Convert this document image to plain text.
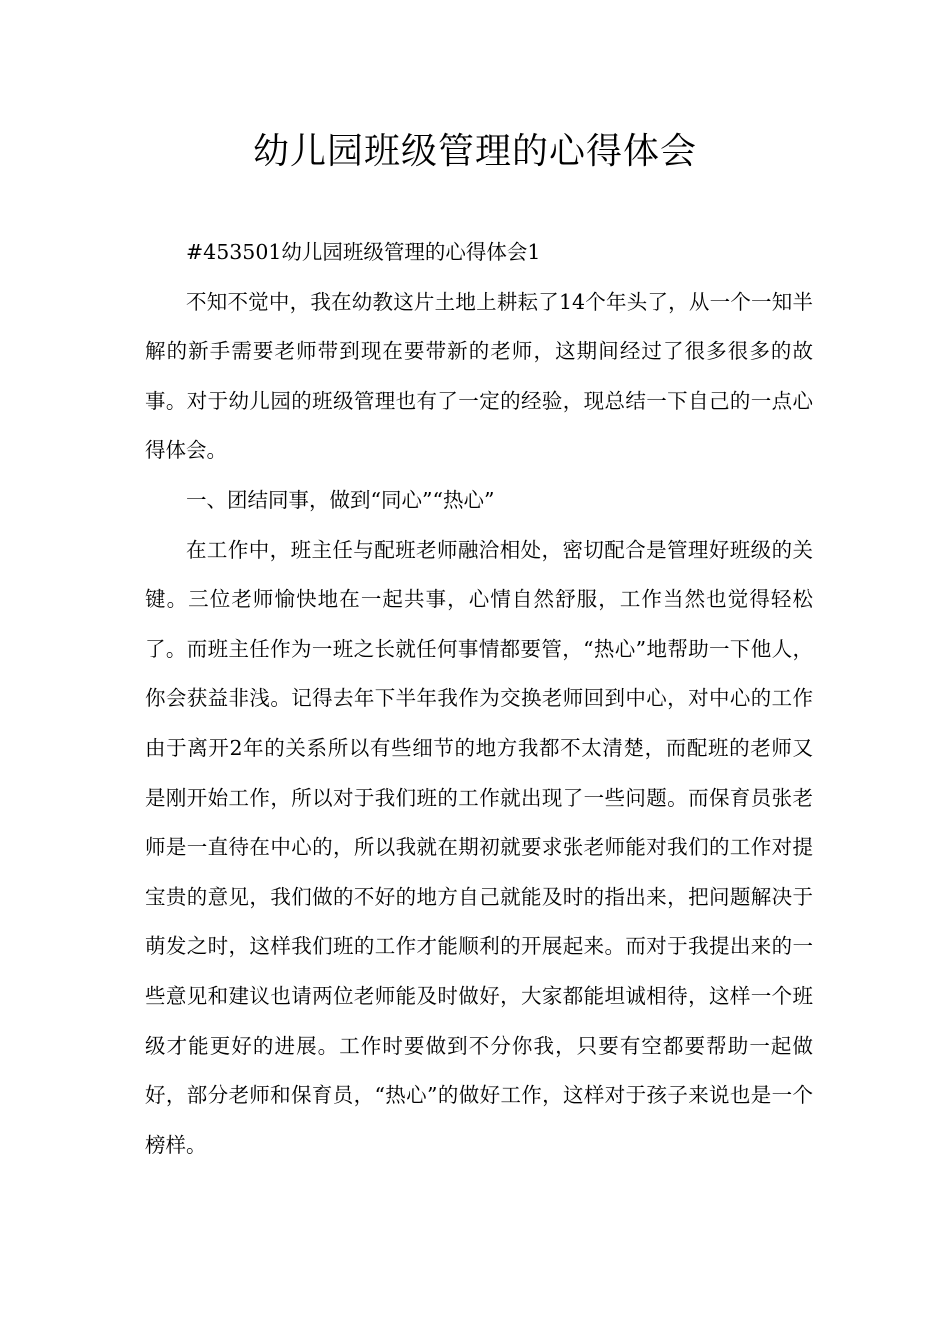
幼儿园班级管理的心得体会

#453501幼儿园班级管理的心得体会1

不知不觉中，我在幼教这片土地上耕耘了14个年头了，从一个一知半解的新手需要老师带到现在要带新的老师，这期间经过了很多很多的故事。对于幼儿园的班级管理也有了一定的经验，现总结一下自己的一点心得体会。

一、团结同事，做到“同心”“热心”

在工作中，班主任与配班老师融洽相处，密切配合是管理好班级的关键。三位老师愉快地在一起共事，心情自然舒服，工作当然也觉得轻松了。而班主任作为一班之长就任何事情都要管，“热心”地帮助一下他人，你会获益非浅。记得去年下半年我作为交换老师回到中心，对中心的工作由于离开2年的关系所以有些细节的地方我都不太清楚，而配班的老师又是刚开始工作，所以对于我们班的工作就出现了一些问题。而保育员张老师是一直待在中心的，所以我就在期初就要求张老师能对我们的工作对提宝贵的意见，我们做的不好的地方自己就能及时的指出来，把问题解决于萌发之时，这样我们班的工作才能顺利的开展起来。而对于我提出来的一些意见和建议也请两位老师能及时做好，大家都能坦诚相待，这样一个班级才能更好的进展。工作时要做到不分你我，只要有空都要帮助一起做好，部分老师和保育员，“热心”的做好工作，这样对于孩子来说也是一个榜样。
